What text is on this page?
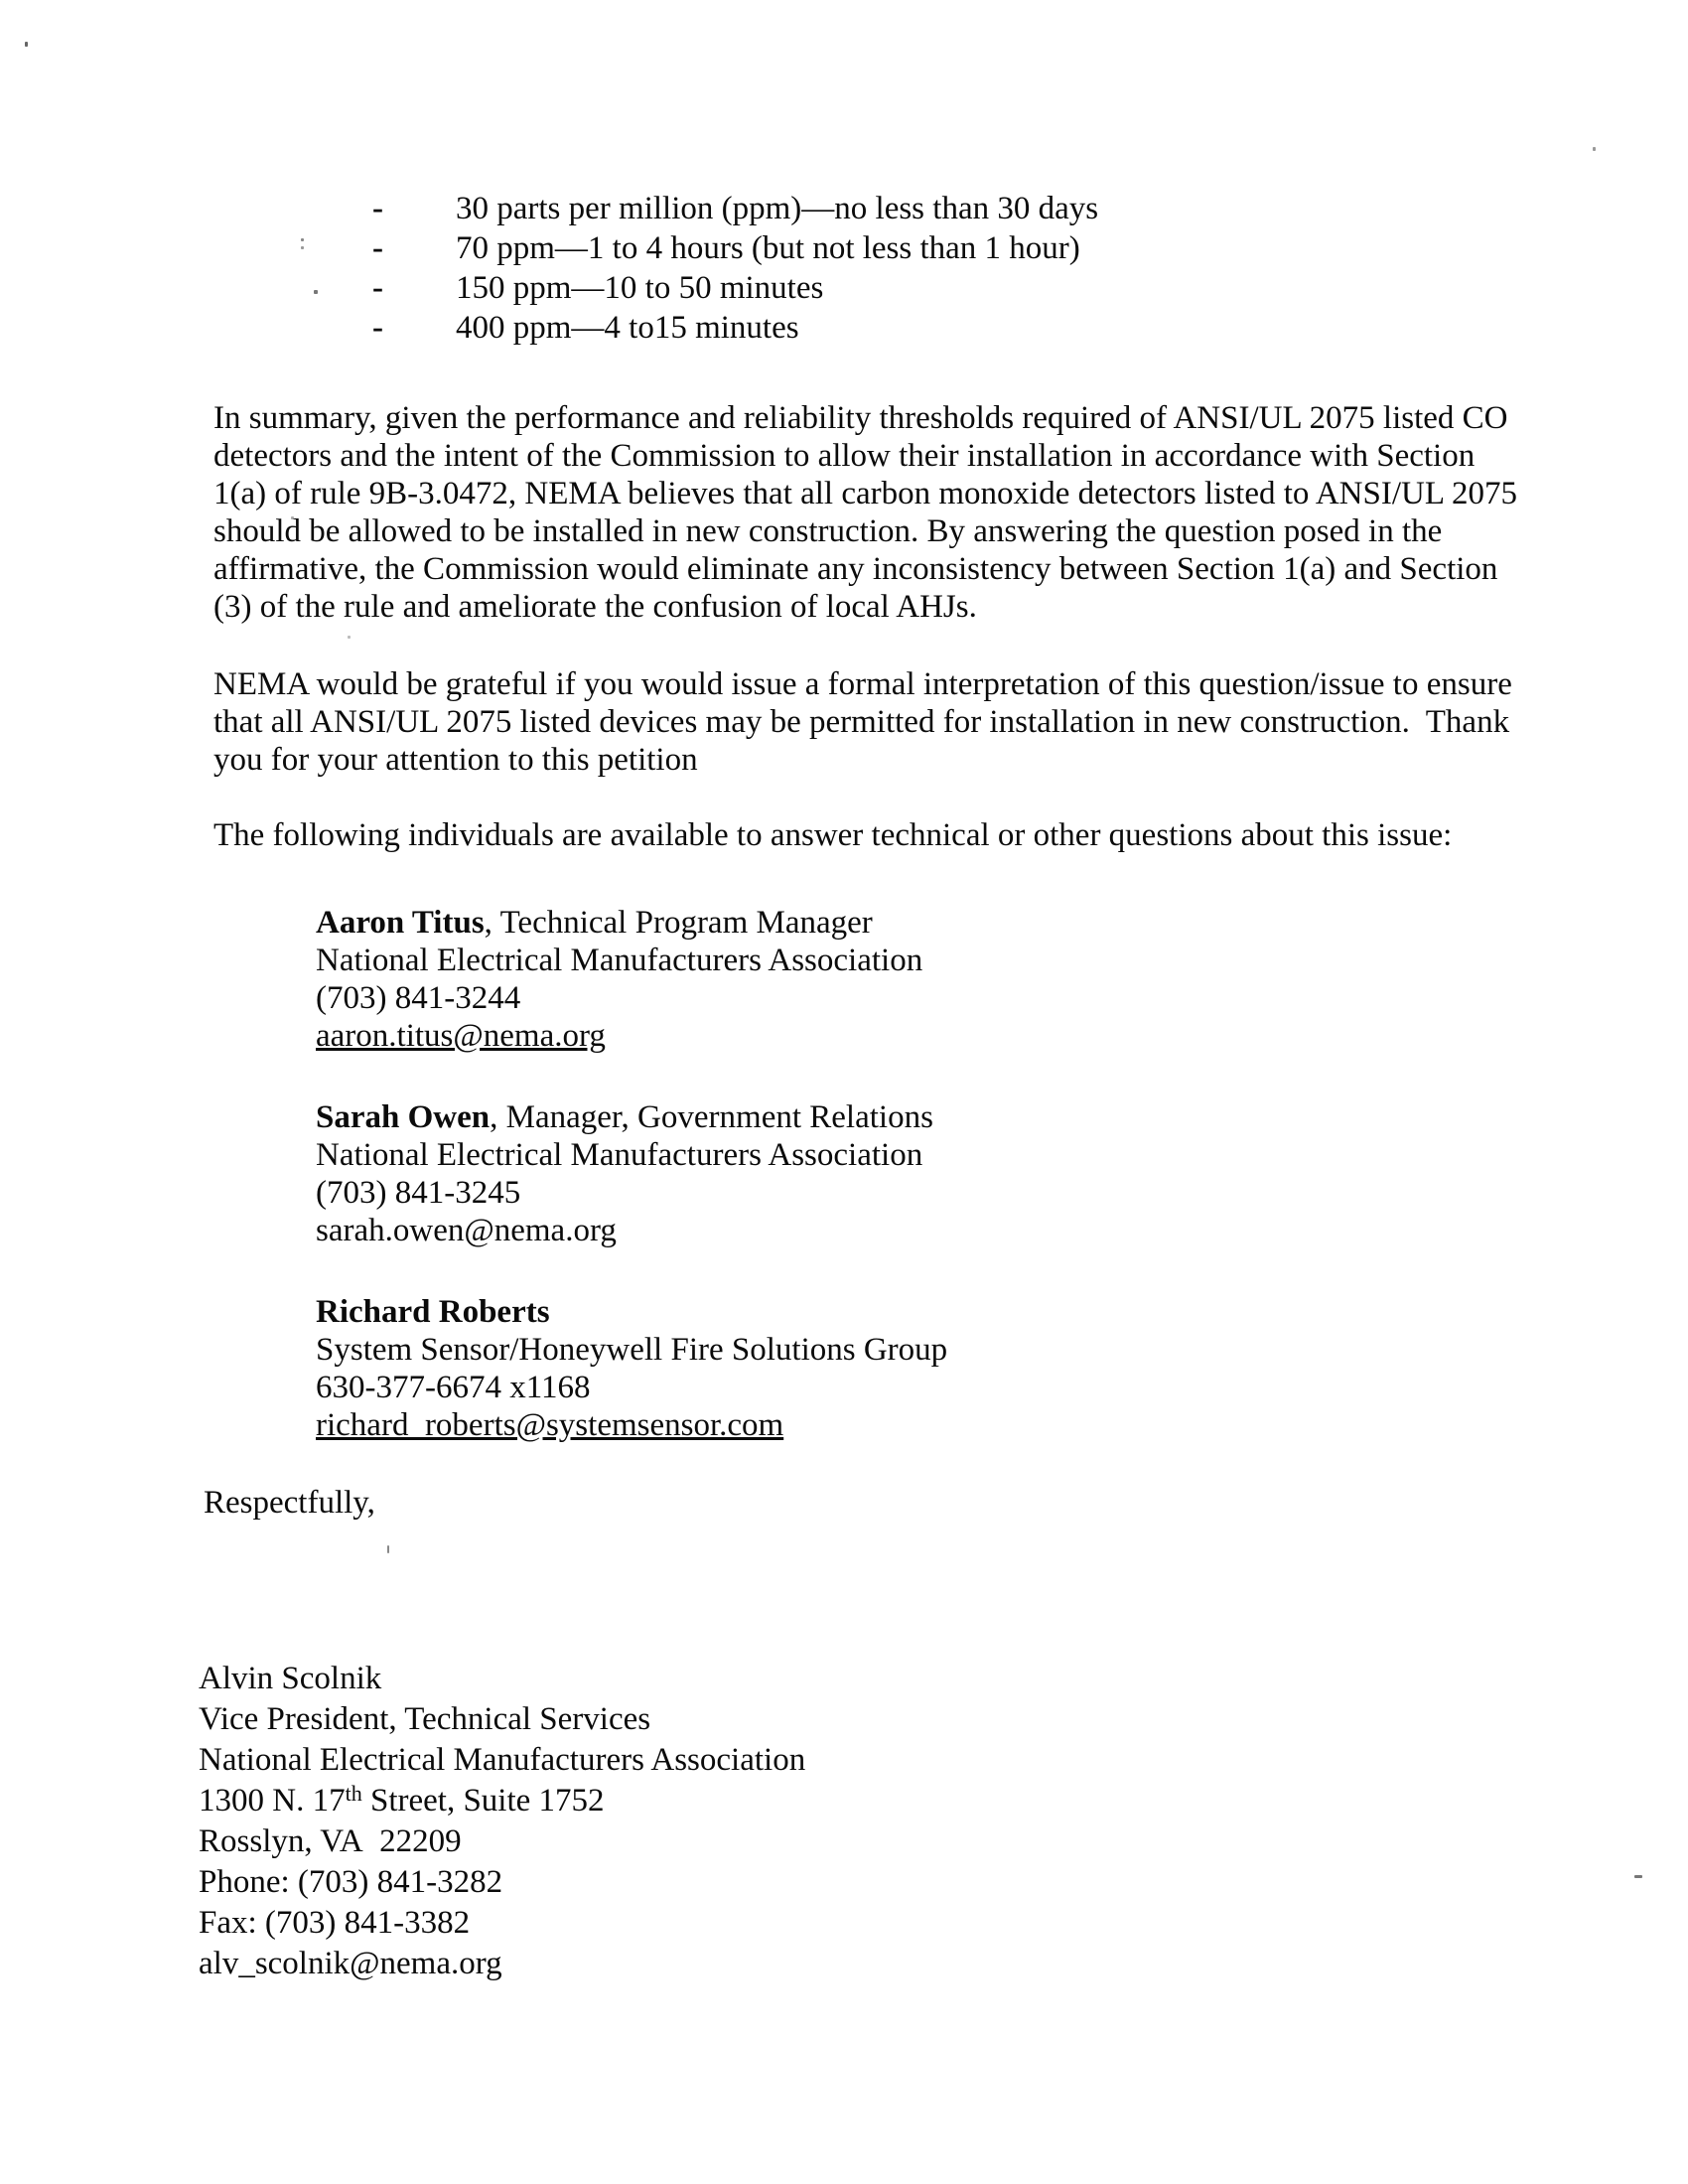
-	30 parts per million (ppm)—no less than 30 days
-	70 ppm—1 to 4 hours (but not less than 1 hour)
-	150 ppm—10 to 50 minutes
-	400 ppm—4 to15 minutes
In summary, given the performance and reliability thresholds required of ANSI/UL 2075 listed CO detectors and the intent of the Commission to allow their installation in accordance with Section 1(a) of rule 9B-3.0472, NEMA believes that all carbon monoxide detectors listed to ANSI/UL 2075 should be allowed to be installed in new construction. By answering the question posed in the affirmative, the Commission would eliminate any inconsistency between Section 1(a) and Section (3) of the rule and ameliorate the confusion of local AHJs.
NEMA would be grateful if you would issue a formal interpretation of this question/issue to ensure that all ANSI/UL 2075 listed devices may be permitted for installation in new construction.  Thank you for your attention to this petition
The following individuals are available to answer technical or other questions about this issue:
Aaron Titus, Technical Program Manager
National Electrical Manufacturers Association
(703) 841-3244
aaron.titus@nema.org
Sarah Owen, Manager, Government Relations
National Electrical Manufacturers Association
(703) 841-3245
sarah.owen@nema.org
Richard Roberts
System Sensor/Honeywell Fire Solutions Group
630-377-6674 x1168
richard_roberts@systemsensor.com
Respectfully,
Alvin Scolnik
Vice President, Technical Services
National Electrical Manufacturers Association
1300 N. 17th Street, Suite 1752
Rosslyn, VA  22209
Phone: (703) 841-3282
Fax: (703) 841-3382
alv_scolnik@nema.org
